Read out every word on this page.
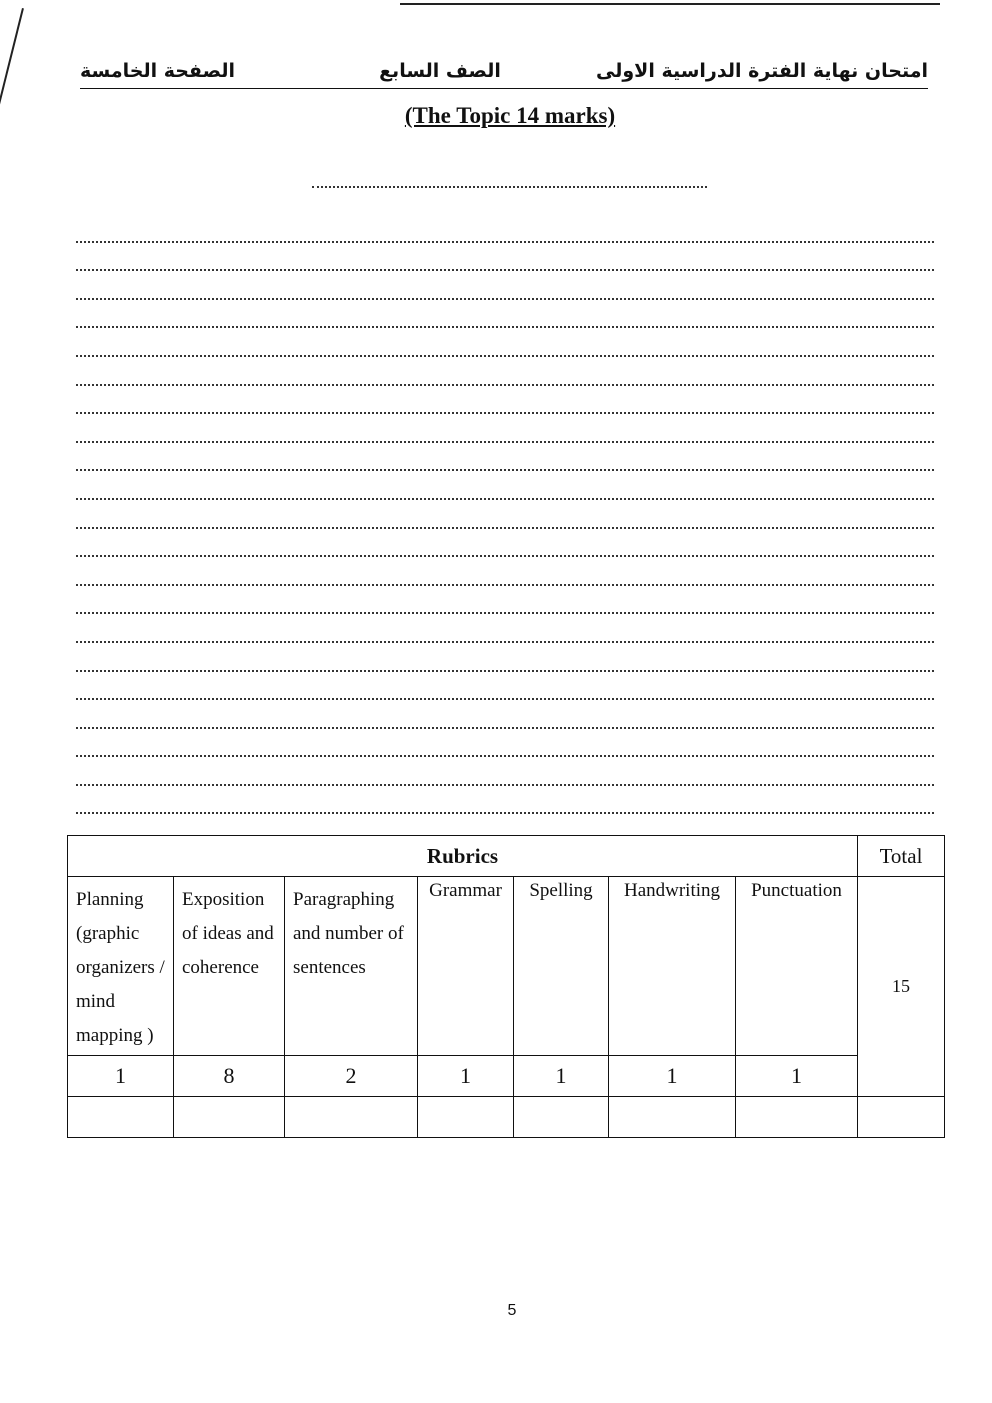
امتحان نهاية الفترة الدراسية الاولى
الصف السابع
الصفحة الخامسة
(The Topic 14 marks)
Rubrics							Total
Planning (graphic organizers / mind mapping )	Exposition of ideas and coherence	Paragraphing and number of sentences	Grammar	Spelling	Handwriting	Punctuation	15
1	8	2	1	1	1	1	

5
